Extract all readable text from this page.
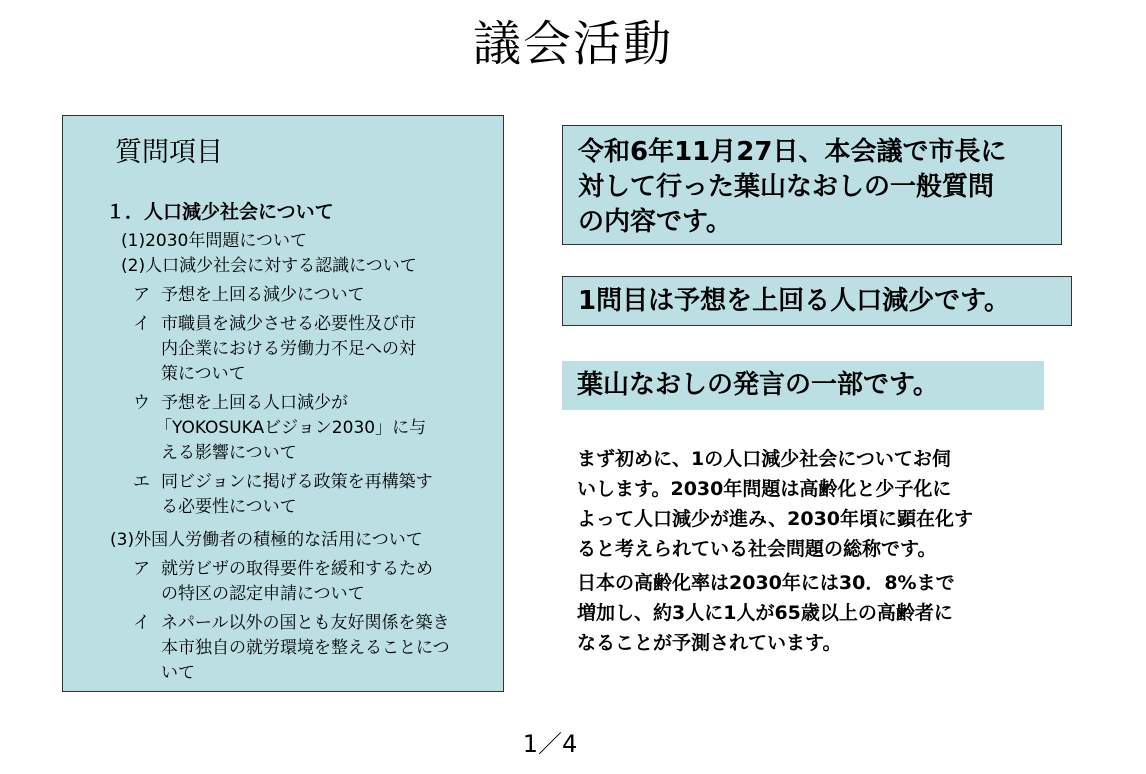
議会活動
質問項目
１．人口減少社会について
(1)2030年問題について
(2)人口減少社会に対する認識について
ア 予想を上回る減少について
イ 市職員を減少させる必要性及び市
内企業における労働力不足への対
策について
ウ 予想を上回る人口減少が
「YOKOSUKAビジョン2030」に与
える影響について
エ 同ビジョンに掲げる政策を再構築す
る必要性について
(3)外国人労働者の積極的な活用について
ア 就労ビザの取得要件を緩和するため
の特区の認定申請について
イ ネパール以外の国とも友好関係を築き
本市独自の就労環境を整えることにつ
いて
令和6年11月27日、本会議で市長に
対して行った葉山なおしの一般質問
の内容です。
1問目は予想を上回る人口減少です。
葉山なおしの発言の一部です。
まず初めに、1の人口減少社会についてお伺
いします。2030年問題は高齢化と少子化に
よって人口減少が進み、2030年頃に顕在化す
ると考えられている社会問題の総称です。
日本の高齢化率は2030年には30．8%まで
増加し、約3人に1人が65歳以上の高齢者に
なることが予測されています。
1／4
